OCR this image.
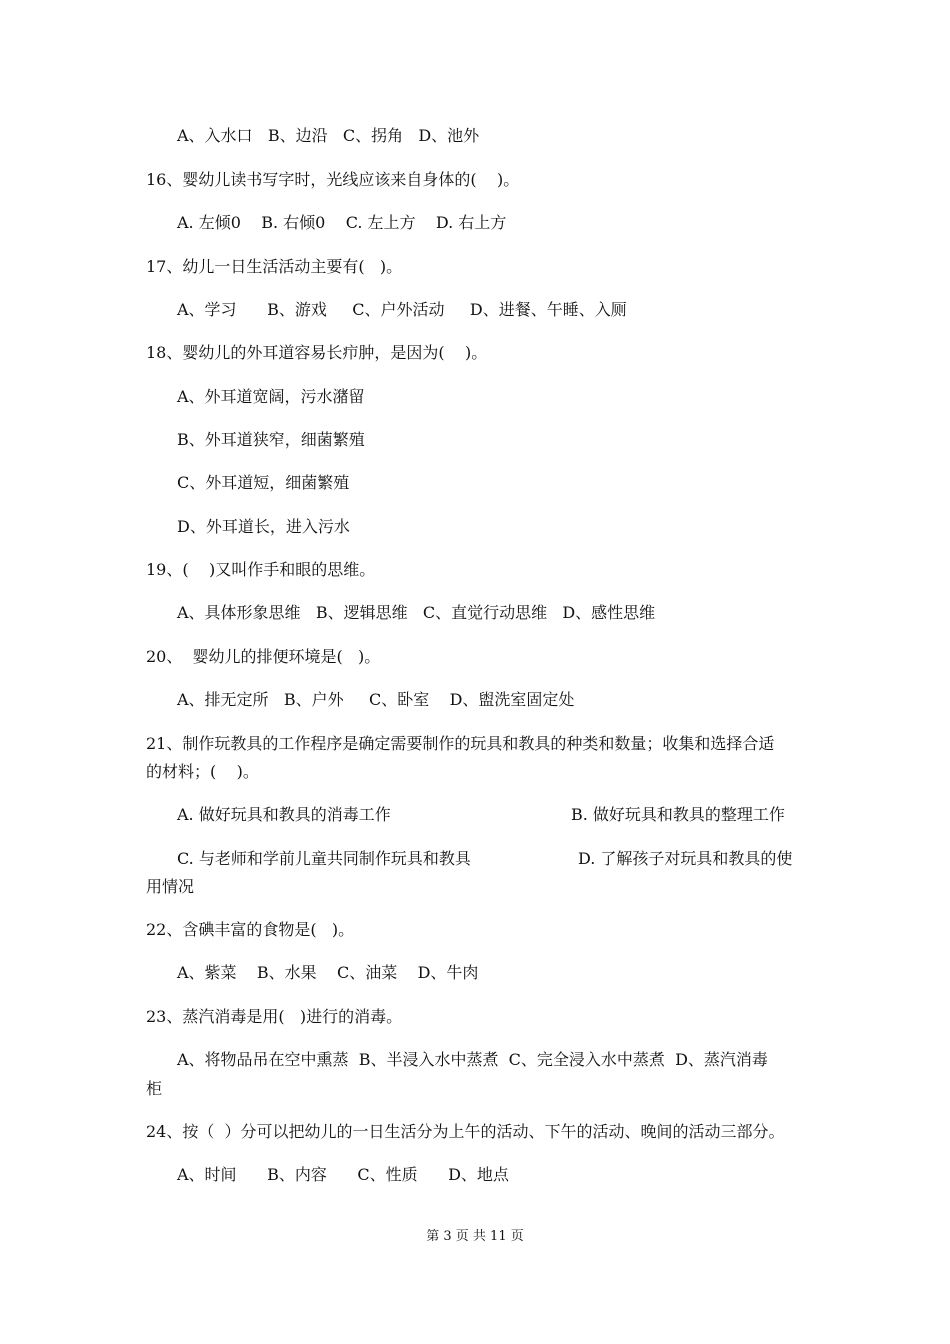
A、入水口   B、边沿   C、拐角   D、池外
16、婴幼儿读书写字时，光线应该来自身体的(    )。
A. 左倾0    B. 右倾0    C. 左上方    D. 右上方
17、幼儿一日生活活动主要有(   )。
A、学习      B、游戏     C、户外活动     D、进餐、午睡、入厕
18、婴幼儿的外耳道容易长疖肿，是因为(    )。
A、外耳道宽阔，污水潴留
B、外耳道狭窄，细菌繁殖
C、外耳道短，细菌繁殖
D、外耳道长，进入污水
19、(    )又叫作手和眼的思维。
A、具体形象思维   B、逻辑思维   C、直觉行动思维   D、感性思维
20、  婴幼儿的排便环境是(   )。
A、排无定所   B、户外     C、卧室    D、盥洗室固定处
21、制作玩教具的工作程序是确定需要制作的玩具和教具的种类和数量；收集和选择合适
的材料；(    )。
A. 做好玩具和教具的消毒工作	B. 做好玩具和教具的整理工作
C. 与老师和学前儿童共同制作玩具和教具	D. 了解孩子对玩具和教具的使
用情况
22、含碘丰富的食物是(   )。
A、紫菜    B、水果    C、油菜    D、牛肉
23、蒸汽消毒是用(   )进行的消毒。
A、将物品吊在空中熏蒸  B、半浸入水中蒸煮  C、完全浸入水中蒸煮  D、蒸汽消毒
柜
24、按（  ）分可以把幼儿的一日生活分为上午的活动、下午的活动、晚间的活动三部分。
A、时间      B、内容      C、性质      D、地点
第 3 页 共 11 页
